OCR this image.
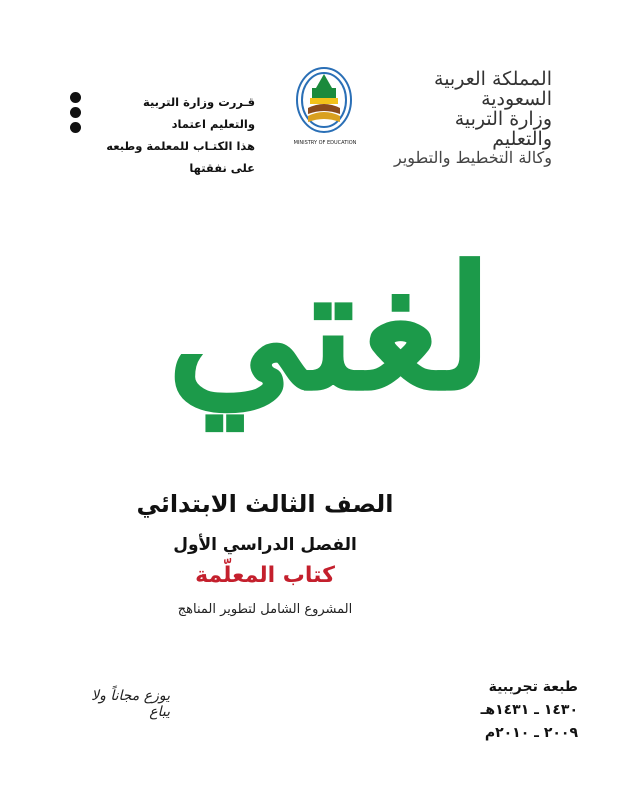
المملكة العربية السعودية
وزارة التربية والتعليم
وكالة التخطيط والتطوير
MINISTRY OF EDUCATION
قـررت وزارة التربية والتعليم اعتماد
هذا الكتـاب للمعلمة وطبعه على نفقتها
لغتي
الصف الثالث الابتدائي
الفصل الدراسي الأول
كتاب المعلّمة
المشروع الشامل لتطوير المناهج
طبعة تجريبية
١٤٣٠ ـ ١٤٣١هـ
٢٠٠٩ ـ ٢٠١٠م
يوزع مجاناً ولا يباع
